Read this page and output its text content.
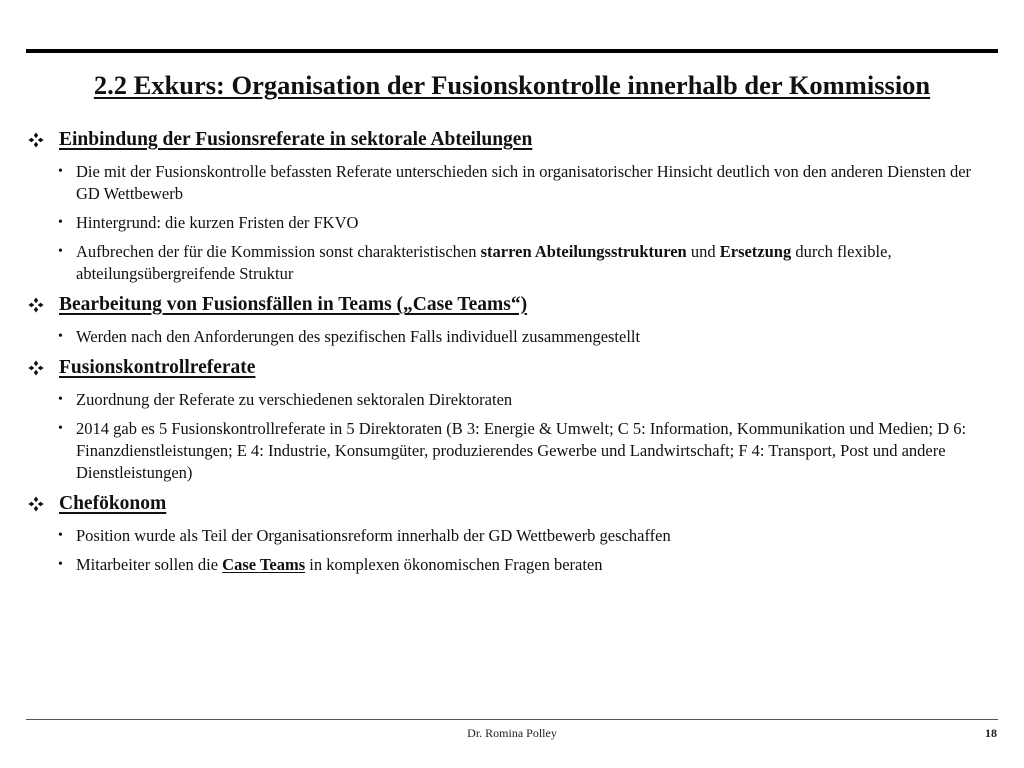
2.2 Exkurs: Organisation der Fusionskontrolle innerhalb der Kommission
Einbindung der Fusionsreferate in sektorale Abteilungen
• Die mit der Fusionskontrolle befassten Referate unterschieden sich in organisatorischer Hinsicht deutlich von den anderen Diensten der GD Wettbewerb
• Hintergrund: die kurzen Fristen der FKVO
• Aufbrechen der für die Kommission sonst charakteristischen starren Abteilungsstrukturen und Ersetzung durch flexible, abteilungsübergreifende Struktur
Bearbeitung von Fusionsfällen in Teams („Case Teams“)
• Werden nach den Anforderungen des spezifischen Falls individuell zusammengestellt
Fusionskontrollreferate
• Zuordnung der Referate zu verschiedenen sektoralen Direktoraten
• 2014 gab es 5 Fusionskontrollreferate in 5 Direktoraten (B 3: Energie & Umwelt; C 5: Information, Kommunikation und Medien; D 6: Finanzdienstleistungen; E 4: Industrie, Konsumgüter, produzierendes Gewerbe und Landwirtschaft; F 4: Transport, Post und andere Dienstleistungen)
Chefökonom
• Position wurde als Teil der Organisationsreform innerhalb der GD Wettbewerb geschaffen
• Mitarbeiter sollen die Case Teams in komplexen ökonomischen Fragen beraten
Dr. Romina Polley	18
